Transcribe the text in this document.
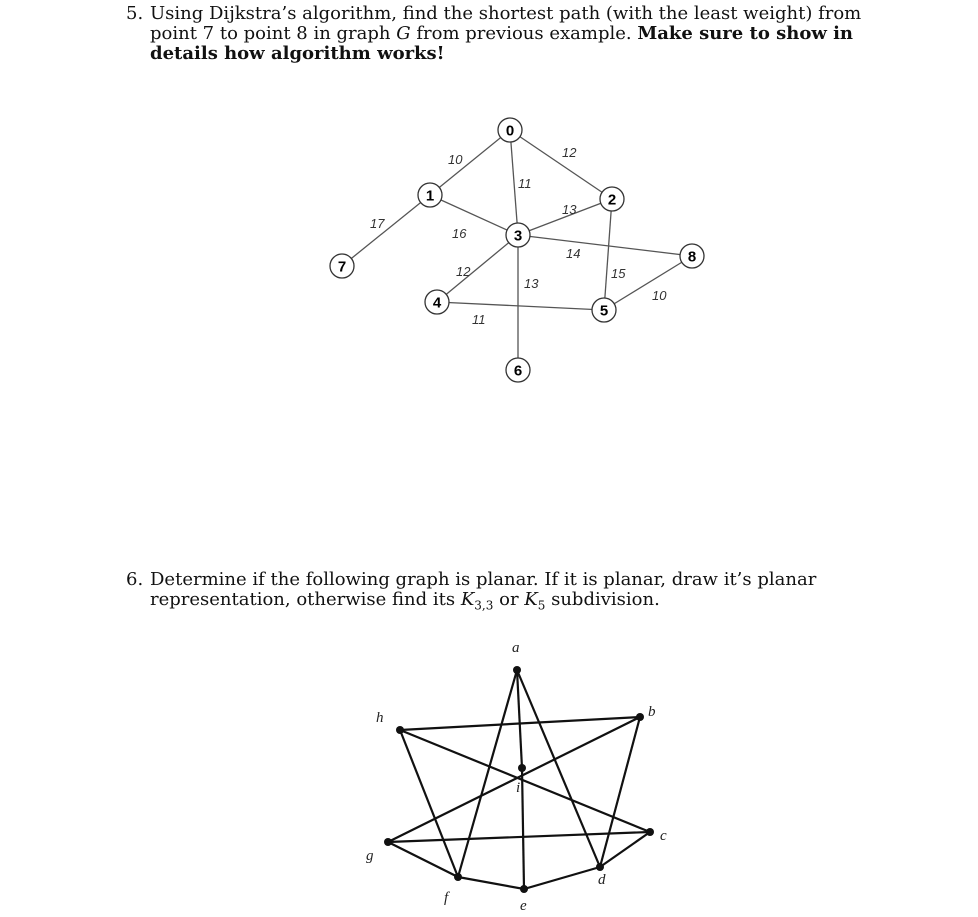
5. Using Dijkstra’s algorithm, find the shortest path (with the least weight) from point 7 to point 8 in graph G from previous example. Make sure to show in details how algorithm works!
6. Determine if the following graph is planar. If it is planar, draw it’s planar representation, otherwise find its $K_{3,3}$ or $K_5$ subdivision.
0
1	2
3
4	5
6
7
8
10	12
11
17
16
13
14
15
10
12
13
11
a
b
c
d
e
f
g
h
i
